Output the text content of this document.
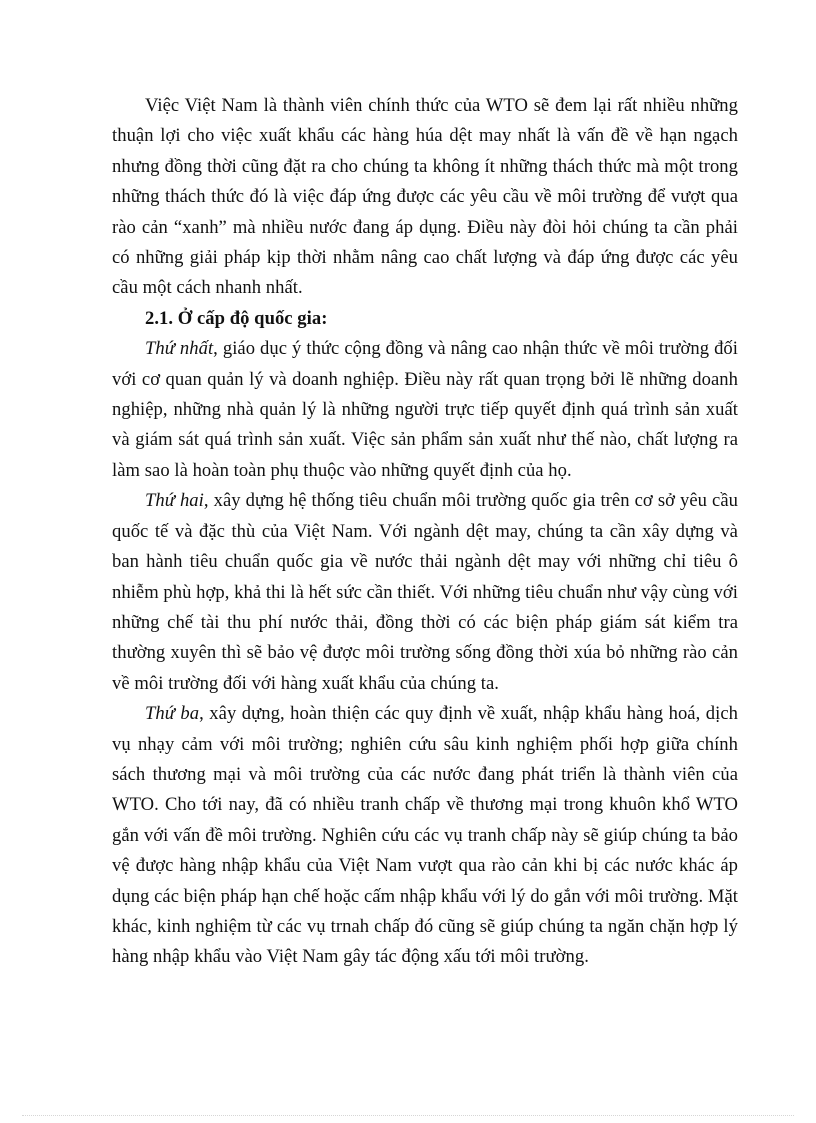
Việc Việt Nam là thành viên chính thức của WTO sẽ đem lại rất nhiều những thuận lợi cho việc xuất khẩu các hàng húa dệt may nhất là vấn đề về hạn ngạch nhưng đồng thời cũng đặt ra cho chúng ta không ít những thách thức mà một trong những thách thức đó là việc đáp ứng được các yêu cầu về môi trường để vượt qua rào cản “xanh” mà nhiều nước đang áp dụng. Điều này đòi hỏi chúng ta cần phải có những giải pháp kịp thời nhằm nâng cao chất lượng và đáp ứng được các yêu cầu một cách nhanh nhất.

2.1. Ở cấp độ quốc gia:

Thứ nhất, giáo dục ý thức cộng đồng và nâng cao nhận thức về môi trường đối với cơ quan quản lý và doanh nghiệp. Điều này rất quan trọng bởi lẽ những doanh nghiệp, những nhà quản lý là những người trực tiếp quyết định quá trình sản xuất và giám sát quá trình sản xuất. Việc sản phẩm sản xuất như thế nào, chất lượng ra làm sao là hoàn toàn phụ thuộc vào những quyết định của họ.

Thứ hai, xây dựng hệ thống tiêu chuẩn môi trường quốc gia trên cơ sở yêu cầu quốc tế và đặc thù của Việt Nam. Với ngành dệt may, chúng ta cần xây dựng và ban hành tiêu chuẩn quốc gia về nước thải ngành dệt may với những chỉ tiêu ô nhiễm phù hợp, khả thi là hết sức cần thiết. Với những tiêu chuẩn như vậy cùng với những chế tài thu phí nước thải, đồng thời có các biện pháp giám sát kiểm tra thường xuyên thì sẽ bảo vệ được môi trường sống đồng thời xúa bỏ những rào cản về môi trường đối với hàng xuất khẩu của chúng ta.

Thứ ba, xây dựng, hoàn thiện các quy định về xuất, nhập khẩu hàng hoá, dịch vụ nhạy cảm với môi trường; nghiên cứu sâu kinh nghiệm phối hợp giữa chính sách thương mại và môi trường của các nước đang phát triển là thành viên của WTO. Cho tới nay, đã có nhiều tranh chấp về thương mại trong khuôn khổ WTO gắn với vấn đề môi trường. Nghiên cứu các vụ tranh chấp này sẽ giúp chúng ta bảo vệ được hàng nhập khẩu của Việt Nam vượt qua rào cản khi bị các nước khác áp dụng các biện pháp hạn chế hoặc cấm nhập khẩu với lý do gắn với môi trường. Mặt khác, kinh nghiệm từ các vụ trnah chấp đó cũng sẽ giúp chúng ta ngăn chặn hợp lý hàng nhập khẩu vào Việt Nam gây tác động xấu tới môi trường.
